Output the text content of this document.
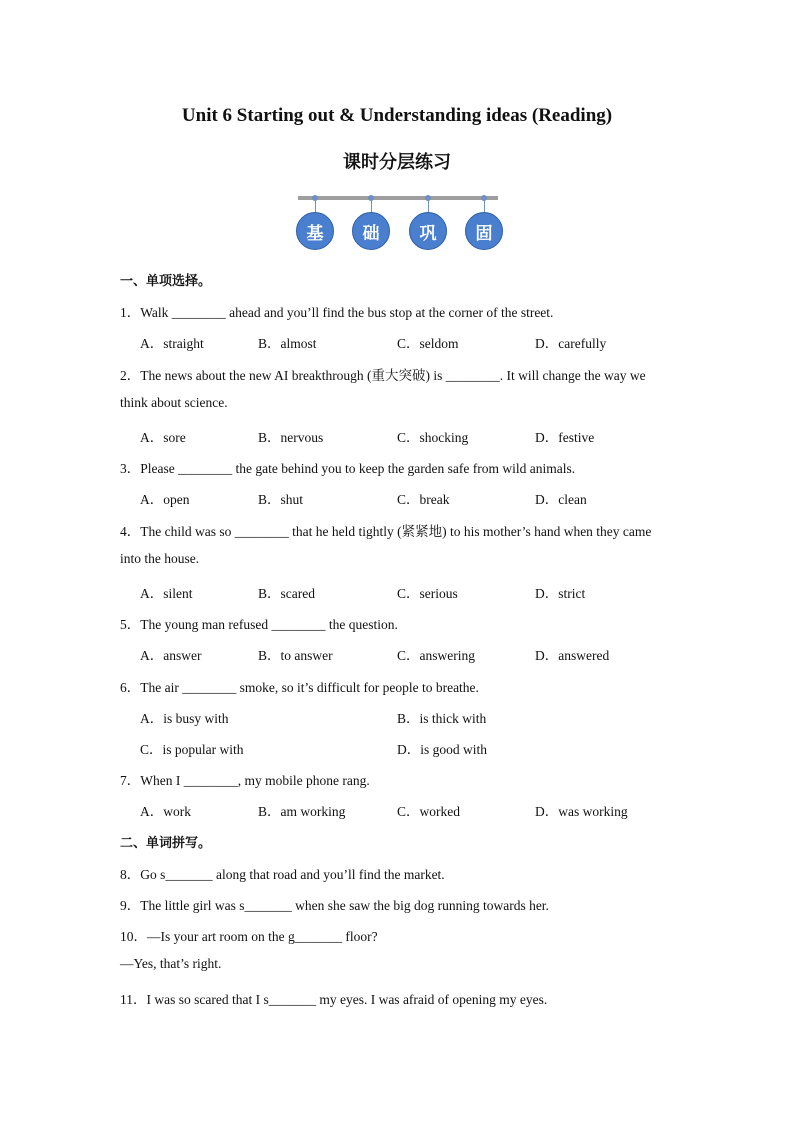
Unit 6 Starting out & Understanding ideas (Reading)
课时分层练习
基	础	巩	固
一、单项选择。
1．Walk ________ ahead and you’ll find the bus stop at the corner of the street.
A．straight	B．almost	C．seldom	D．carefully
2．The news about the new AI breakthrough (重大突破) is ________. It will change the way we
think about science.
A．sore	B．nervous	C．shocking	D．festive
3．Please ________ the gate behind you to keep the garden safe from wild animals.
A．open	B．shut	C．break	D．clean
4．The child was so ________ that he held tightly (紧紧地) to his mother’s hand when they came
into the house.
A．silent	B．scared	C．serious	D．strict
5．The young man refused ________ the question.
A．answer	B．to answer	C．answering	D．answered
6．The air ________ smoke, so it’s difficult for people to breathe.
A．is busy with	B．is thick with
C．is popular with	D．is good with
7．When I ________, my mobile phone rang.
A．work	B．am working	C．worked	D．was working
二、单词拼写。
8．Go s_______ along that road and you’ll find the market.
9．The little girl was s_______ when she saw the big dog running towards her.
10．—Is your art room on the g_______ floor?
—Yes, that’s right.
11．I was so scared that I s_______ my eyes. I was afraid of opening my eyes.
